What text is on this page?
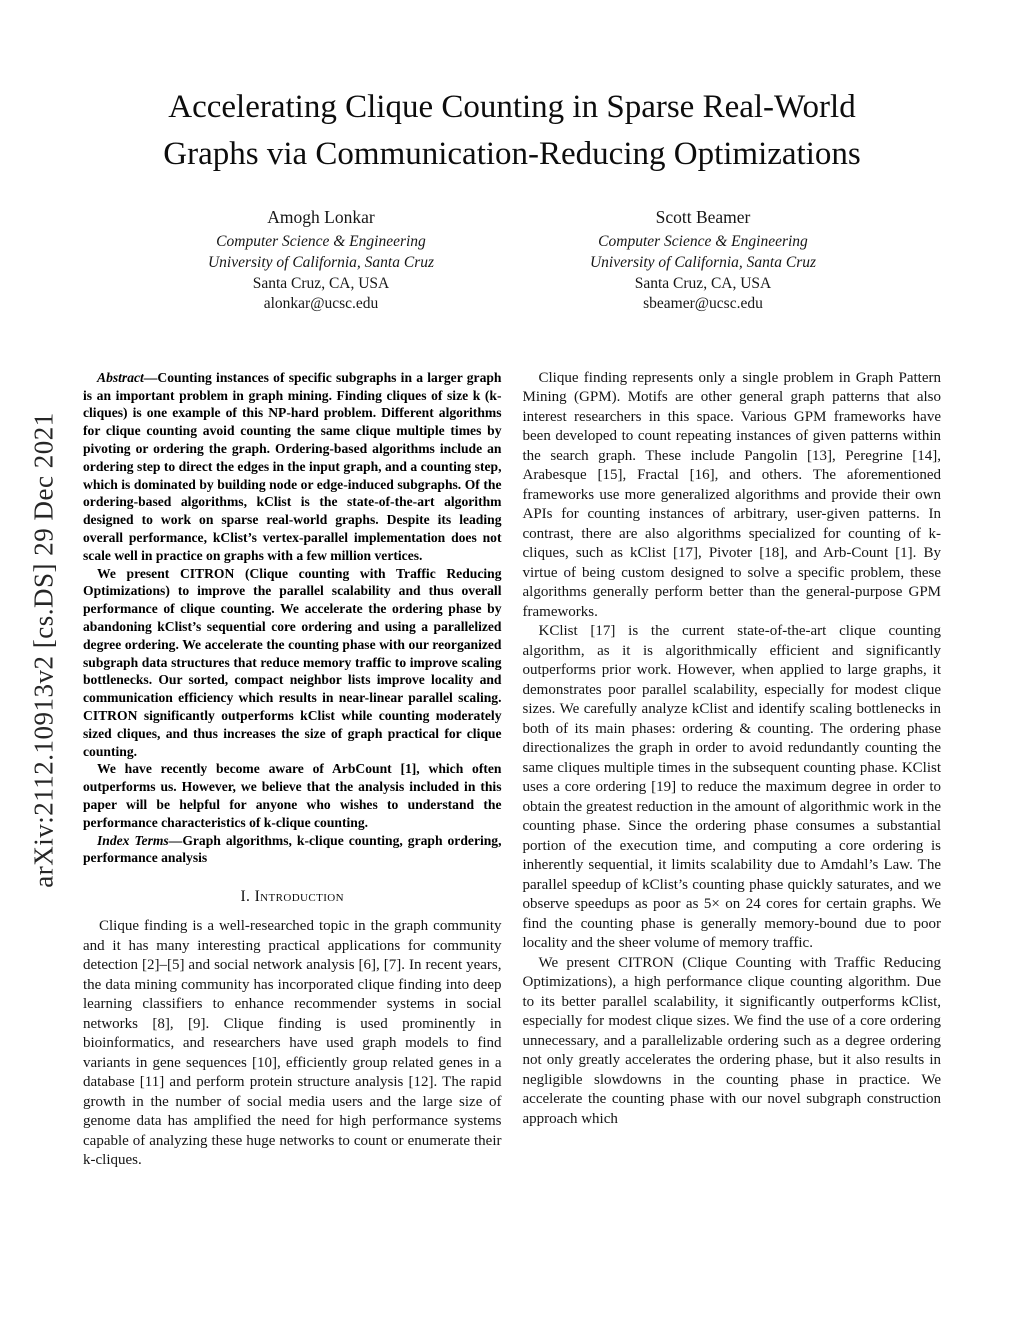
arXiv:2112.10913v2 [cs.DS] 29 Dec 2021
Accelerating Clique Counting in Sparse Real-World
Graphs via Communication-Reducing Optimizations
Amogh Lonkar
Computer Science & Engineering
University of California, Santa Cruz
Santa Cruz, CA, USA
alonkar@ucsc.edu
Scott Beamer
Computer Science & Engineering
University of California, Santa Cruz
Santa Cruz, CA, USA
sbeamer@ucsc.edu

Abstract—Counting instances of specific subgraphs in a larger graph is an important problem in graph mining. Finding cliques of size k (k-cliques) is one example of this NP-hard problem. Different algorithms for clique counting avoid counting the same clique multiple times by pivoting or ordering the graph. Ordering-based algorithms include an ordering step to direct the edges in the input graph, and a counting step, which is dominated by building node or edge-induced subgraphs. Of the ordering-based algorithms, kClist is the state-of-the-art algorithm designed to work on sparse real-world graphs. Despite its leading overall performance, kClist’s vertex-parallel implementation does not scale well in practice on graphs with a few million vertices.

We present CITRON (Clique counting with Traffic Reducing Optimizations) to improve the parallel scalability and thus overall performance of clique counting. We accelerate the ordering phase by abandoning kClist’s sequential core ordering and using a parallelized degree ordering. We accelerate the counting phase with our reorganized subgraph data structures that reduce memory traffic to improve scaling bottlenecks. Our sorted, compact neighbor lists improve locality and communication efficiency which results in near-linear parallel scaling. CITRON significantly outperforms kClist while counting moderately sized cliques, and thus increases the size of graph practical for clique counting.

We have recently become aware of ArbCount [1], which often outperforms us. However, we believe that the analysis included in this paper will be helpful for anyone who wishes to understand the performance characteristics of k-clique counting.

Index Terms—Graph algorithms, k-clique counting, graph ordering, performance analysis

I. Introduction

Clique finding is a well-researched topic in the graph community and it has many interesting practical applications for community detection [2]–[5] and social network analysis [6], [7]. In recent years, the data mining community has incorporated clique finding into deep learning classifiers to enhance recommender systems in social networks [8], [9]. Clique finding is used prominently in bioinformatics, and researchers have used graph models to find variants in gene sequences [10], efficiently group related genes in a database [11] and perform protein structure analysis [12]. The rapid growth in the number of social media users and the large size of genome data has amplified the need for high performance systems capable of analyzing these huge networks to count or enumerate their k-cliques.

Clique finding represents only a single problem in Graph Pattern Mining (GPM). Motifs are other general graph patterns that also interest researchers in this space. Various GPM frameworks have been developed to count repeating instances of given patterns within the search graph. These include Pangolin [13], Peregrine [14], Arabesque [15], Fractal [16], and others. The aforementioned frameworks use more generalized algorithms and provide their own APIs for counting instances of arbitrary, user-given patterns. In contrast, there are also algorithms specialized for counting of k-cliques, such as kClist [17], Pivoter [18], and Arb-Count [1]. By virtue of being custom designed to solve a specific problem, these algorithms generally perform better than the general-purpose GPM frameworks.

KClist [17] is the current state-of-the-art clique counting algorithm, as it is algorithmically efficient and significantly outperforms prior work. However, when applied to large graphs, it demonstrates poor parallel scalability, especially for modest clique sizes. We carefully analyze kClist and identify scaling bottlenecks in both of its main phases: ordering & counting. The ordering phase directionalizes the graph in order to avoid redundantly counting the same cliques multiple times in the subsequent counting phase. KClist uses a core ordering [19] to reduce the maximum degree in order to obtain the greatest reduction in the amount of algorithmic work in the counting phase. Since the ordering phase consumes a substantial portion of the execution time, and computing a core ordering is inherently sequential, it limits scalability due to Amdahl’s Law. The parallel speedup of kClist’s counting phase quickly saturates, and we observe speedups as poor as 5× on 24 cores for certain graphs. We find the counting phase is generally memory-bound due to poor locality and the sheer volume of memory traffic.

We present CITRON (Clique Counting with Traffic Reducing Optimizations), a high performance clique counting algorithm. Due to its better parallel scalability, it significantly outperforms kClist, especially for modest clique sizes. We find the use of a core ordering unnecessary, and a parallelizable ordering such as a degree ordering not only greatly accelerates the ordering phase, but it also results in negligible slowdowns in the counting phase in practice. We accelerate the counting phase with our novel subgraph construction approach which
